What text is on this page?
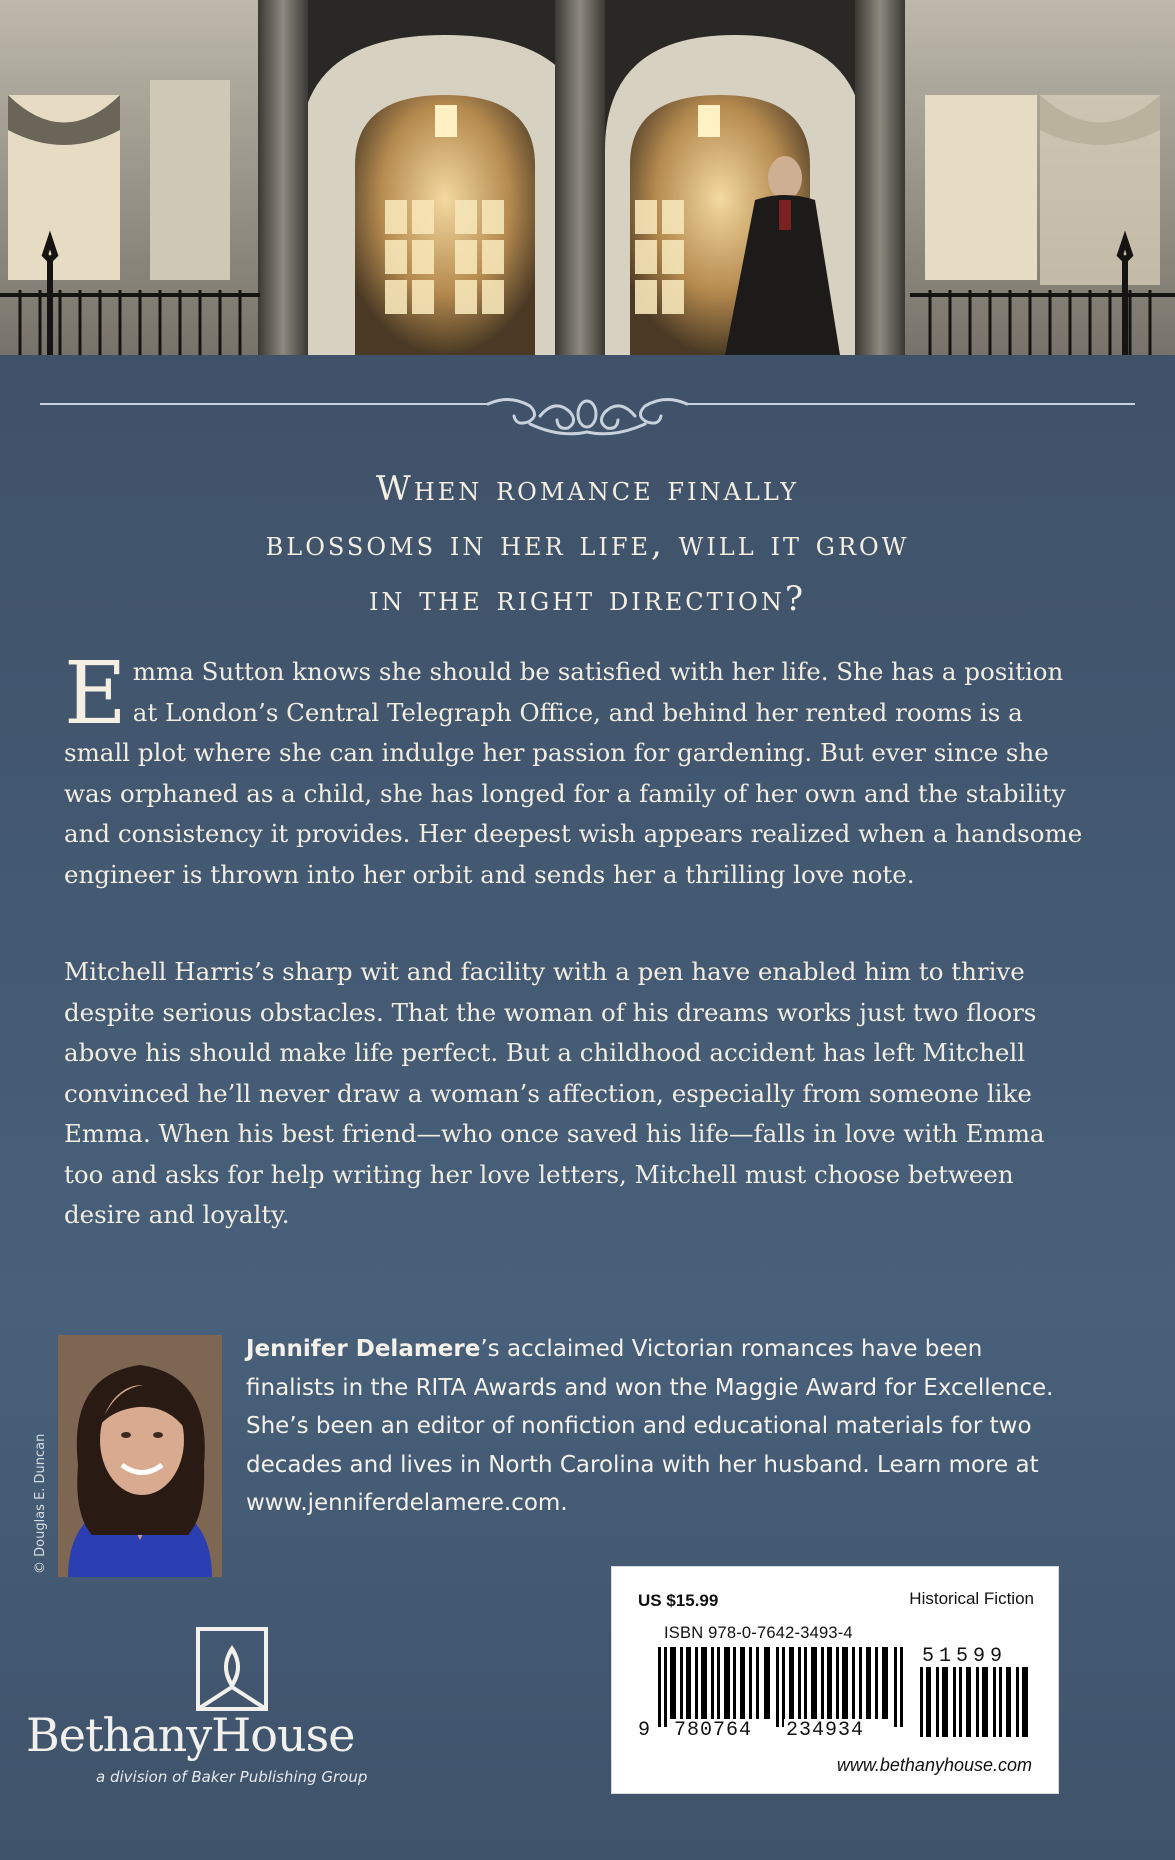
When romance finally
blossoms in her life, will it grow
in the right direction?

Emma Sutton knows she should be satisfied with her life. She has a position at London’s Central Telegraph Office, and behind her rented rooms is a small plot where she can indulge her passion for gardening. But ever since she was orphaned as a child, she has longed for a family of her own and the stability and consistency it provides. Her deepest wish appears realized when a handsome engineer is thrown into her orbit and sends her a thrilling love note.

Mitchell Harris’s sharp wit and facility with a pen have enabled him to thrive despite serious obstacles. That the woman of his dreams works just two floors above his should make life perfect. But a childhood accident has left Mitchell convinced he’ll never draw a woman’s affection, especially from someone like Emma. When his best friend—who once saved his life—falls in love with Emma too and asks for help writing her love letters, Mitchell must choose between desire and loyalty.

© Douglas E. Duncan

Jennifer Delamere’s acclaimed Victorian romances have been finalists in the RITA Awards and won the Maggie Award for Excellence. She’s been an editor of nonfiction and educational materials for two decades and lives in North Carolina with her husband. Learn more at www.jenniferdelamere.com.

BethanyHouse
a division of Baker Publishing Group
US $15.99	Historical Fiction
ISBN 978-0-7642-3493-4
51599
9 780764 234934
www.bethanyhouse.com
